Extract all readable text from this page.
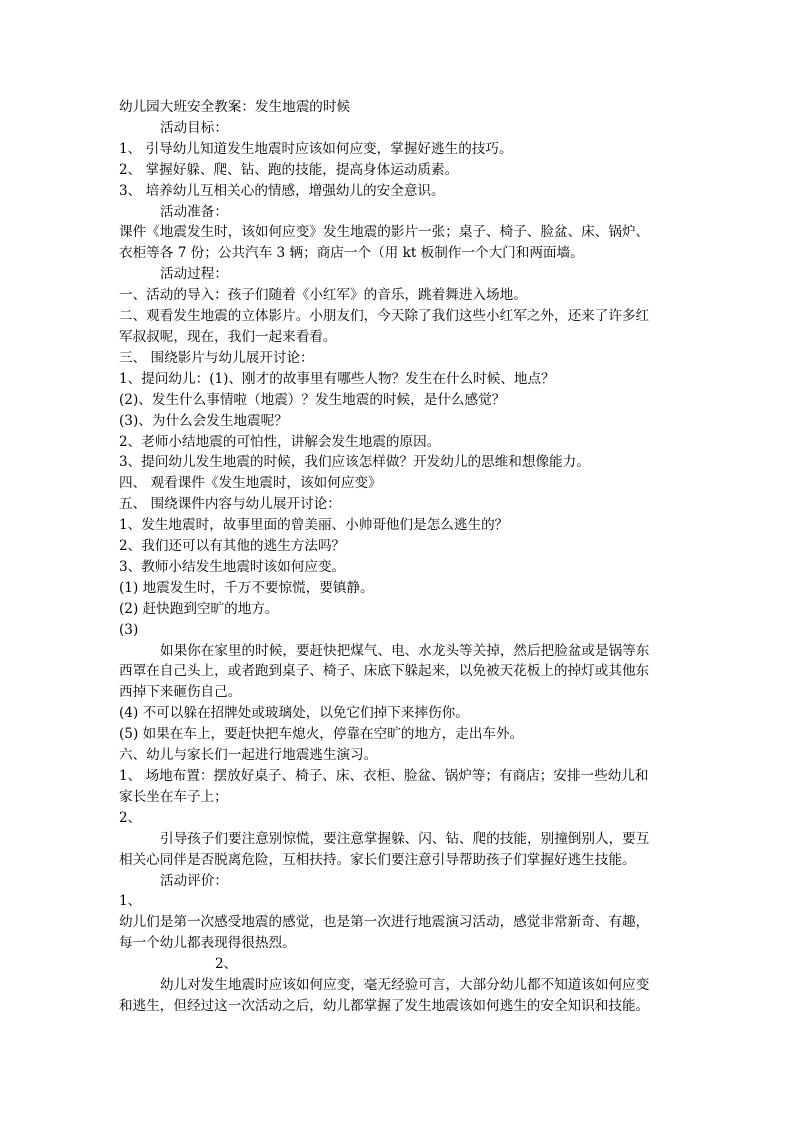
幼儿园大班安全教案：发生地震的时候

活动目标：

1、 引导幼儿知道发生地震时应该如何应变，掌握好逃生的技巧。

2、 掌握好躲、爬、钻、跑的技能，提高身体运动质素。

3、 培养幼儿互相关心的情感，增强幼儿的安全意识。

活动准备：

课件《地震发生时，该如何应变》发生地震的影片一张；桌子、椅子、脸盆、床、锅炉、衣柜等各 7 份；公共汽车 3 辆；商店一个（用 kt 板制作一个大门和两面墙。

活动过程：

一、活动的导入：孩子们随着《小红军》的音乐，跳着舞进入场地。

二、观看发生地震的立体影片。小朋友们，今天除了我们这些小红军之外，还来了许多红军叔叔呢，现在，我们一起来看看。

三、 围绕影片与幼儿展开讨论：

1、提问幼儿：(1)、刚才的故事里有哪些人物？发生在什么时候、地点？

(2)、发生什么事情啦（地震）？发生地震的时候，是什么感觉？

(3)、为什么会发生地震呢？

2、老师小结地震的可怕性，讲解会发生地震的原因。

3、提问幼儿发生地震的时候，我们应该怎样做？开发幼儿的思维和想像能力。

四、 观看课件《发生地震时，该如何应变》

五、 围绕课件内容与幼儿展开讨论：

1、发生地震时，故事里面的曾美丽、小帅哥他们是怎么逃生的？

2、我们还可以有其他的逃生方法吗？

3、教师小结发生地震时该如何应变。

(1) 地震发生时，千万不要惊慌，要镇静。

(2) 赶快跑到空旷的地方。

(3)

如果你在家里的时候，要赶快把煤气、电、水龙头等关掉，然后把脸盆或是锅等东西罩在自己头上，或者跑到桌子、椅子、床底下躲起来，以免被天花板上的掉灯或其他东西掉下来砸伤自己。

(4) 不可以躲在招牌处或玻璃处，以免它们掉下来摔伤你。

(5) 如果在车上，要赶快把车熄火，停靠在空旷的地方，走出车外。

六、幼儿与家长们一起进行地震逃生演习。

1、 场地布置：摆放好桌子、椅子、床、衣柜、脸盆、锅炉等；有商店；安排一些幼儿和家长坐在车子上；

2、

引导孩子们要注意别惊慌，要注意掌握躲、闪、钻、爬的技能，别撞倒别人，要互相关心同伴是否脱离危险，互相扶持。家长们要注意引导帮助孩子们掌握好逃生技能。

活动评价：

1、

幼儿们是第一次感受地震的感觉，也是第一次进行地震演习活动，感觉非常新奇、有趣，每一个幼儿都表现得很热烈。

2、

幼儿对发生地震时应该如何应变，毫无经验可言，大部分幼儿都不知道该如何应变和逃生，但经过这一次活动之后，幼儿都掌握了发生地震该如何逃生的安全知识和技能。
